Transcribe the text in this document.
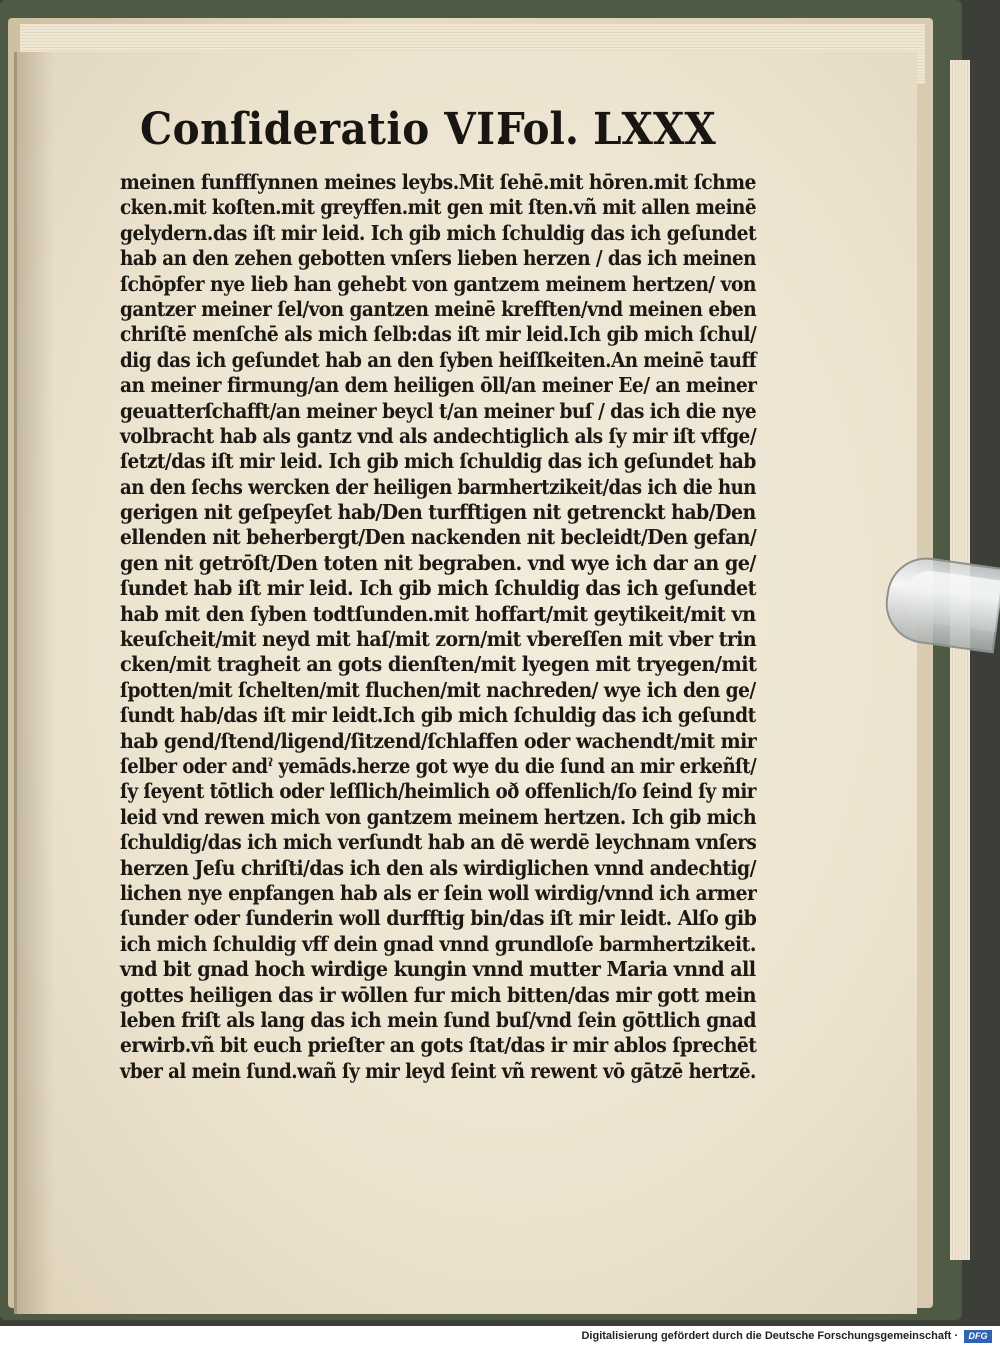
Conſideratio VI.
Fol. LXXX
meinen funffſynnen meines leybs.Mit ſehē.mit hōren.mit ſchme
cken.mit koſten.mit greyffen.mit gen mit ſten.vñ mit allen meinē
gelydern.das iſt mir leid. Ich gib mich ſchuldig das ich geſundet
hab an den zehen gebotten vnſers lieben herzen / das ich meinen
ſchōpfer nye lieb han gehebt von gantzem meinem hertzen/ von
gantzer meiner ſel/von gantzen meinē krefften/vnd meinen eben
chriſtē menſchē als mich ſelb:das iſt mir leid.Ich gib mich ſchul/
dig das ich geſundet hab an den ſyben heiſſkeiten.An meinē tauff
an meiner firmung/an dem heiligen ōll/an meiner Ee/ an meiner
geuatterſchafft/an meiner beycl t/an meiner buſ / das ich die nye
volbracht hab als gantz vnd als andechtiglich als ſy mir iſt vffge/
ſetzt/das iſt mir leid. Ich gib mich ſchuldig das ich geſundet hab
an den ſechs wercken der heiligen barmhertzikeit/das ich die hun
gerigen nit geſpeyſet hab/Den turfftigen nit getrenckt hab/Den
ellenden nit beherbergt/Den nackenden nit becleidt/Den gefan/
gen nit getrōſt/Den toten nit begraben. vnd wye ich dar an ge/
ſundet hab iſt mir leid. Ich gib mich ſchuldig das ich geſundet
hab mit den ſyben todtſunden.mit hoffart/mit geytikeit/mit vn
keuſcheit/mit neyd mit haſ/mit zorn/mit vbereſſen mit vber trin
cken/mit tragheit an gots dienſten/mit lyegen mit tryegen/mit
ſpotten/mit ſchelten/mit fluchen/mit nachreden/ wye ich den ge/
ſundt hab/das iſt mir leidt.Ich gib mich ſchuldig das ich geſundt
hab gend/ſtend/ligend/ſitzend/ſchlaffen oder wachendt/mit mir
ſelber oder andˀ yemāds.herze got wye du die ſund an mir erkeñſt/
ſy ſeyent tōtlich oder leſſlich/heimlich oð offenlich/ſo ſeind ſy mir
leid vnd rewen mich von gantzem meinem hertzen. Ich gib mich
ſchuldig/das ich mich verſundt hab an dē werdē leychnam vnſers
herzen Jeſu chriſti/das ich den als wirdiglichen vnnd andechtig/
lichen nye enpfangen hab als er ſein woll wirdig/vnnd ich armer
ſunder oder ſunderin woll durfftig bin/das iſt mir leidt. Alſo gib
ich mich ſchuldig vff dein gnad vnnd grundloſe barmhertzikeit.
vnd bit gnad hoch wirdige kungin vnnd mutter Maria vnnd all
gottes heiligen das ir wōllen fur mich bitten/das mir gott mein
leben friſt als lang das ich mein ſund buſ/vnd ſein gōttlich gnad
erwirb.vñ bit euch prieſter an gots ſtat/das ir mir ablos ſprechēt
vber al mein ſund.wañ ſy mir leyd ſeint vñ rewent vō gātzē hertzē.
Digitalisierung gefördert durch die Deutsche Forschungsgemeinschaft ·	DFG
